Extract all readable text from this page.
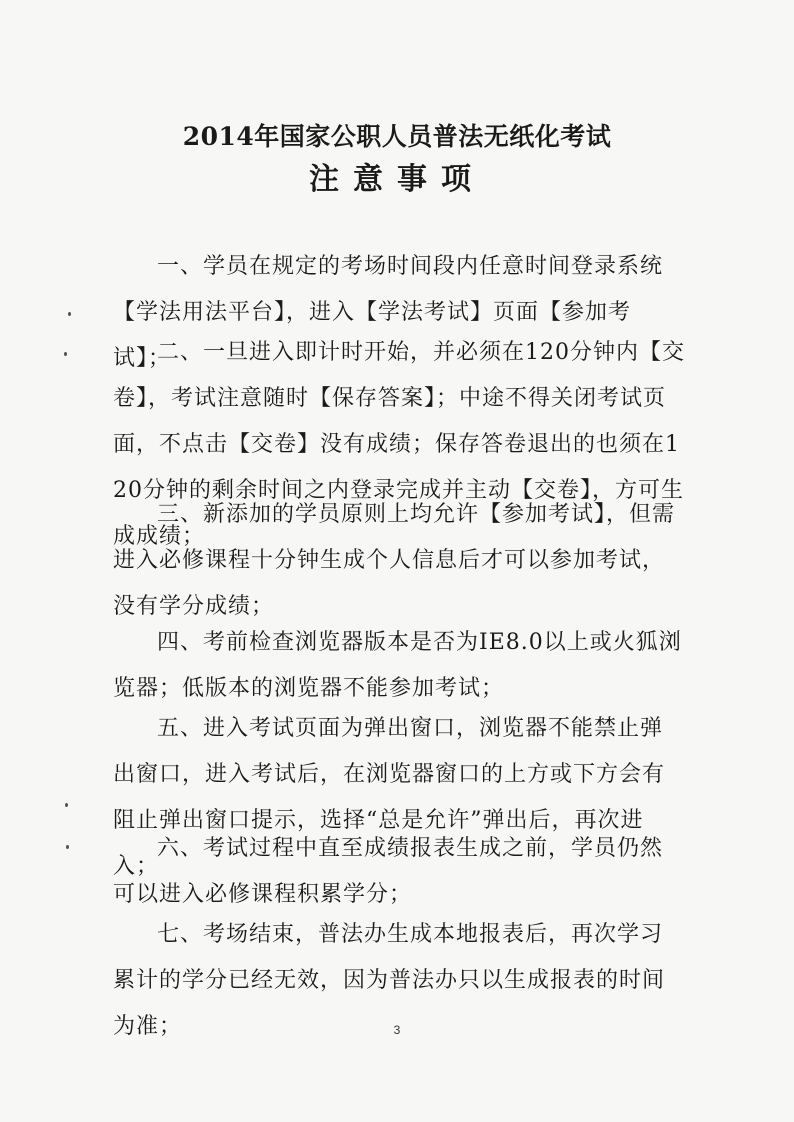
2014年国家公职人员普法无纸化考试
注意事项

一、学员在规定的考场时间段内任意时间登录系统【学法用法平台】，进入【学法考试】页面【参加考试】；

二、一旦进入即计时开始，并必须在120分钟内【交卷】，考试注意随时【保存答案】；中途不得关闭考试页面，不点击【交卷】没有成绩；保存答卷退出的也须在120分钟的剩余时间之内登录完成并主动【交卷】，方可生成成绩；

三、新添加的学员原则上均允许【参加考试】，但需进入必修课程十分钟生成个人信息后才可以参加考试，没有学分成绩；

四、考前检查浏览器版本是否为IE8.0以上或火狐浏览器；低版本的浏览器不能参加考试；

五、进入考试页面为弹出窗口，浏览器不能禁止弹出窗口，进入考试后，在浏览器窗口的上方或下方会有阻止弹出窗口提示，选择“总是允许”弹出后，再次进入；

六、考试过程中直至成绩报表生成之前，学员仍然可以进入必修课程积累学分；

七、考场结束，普法办生成本地报表后，再次学习累计的学分已经无效，因为普法办只以生成报表的时间为准；	3
